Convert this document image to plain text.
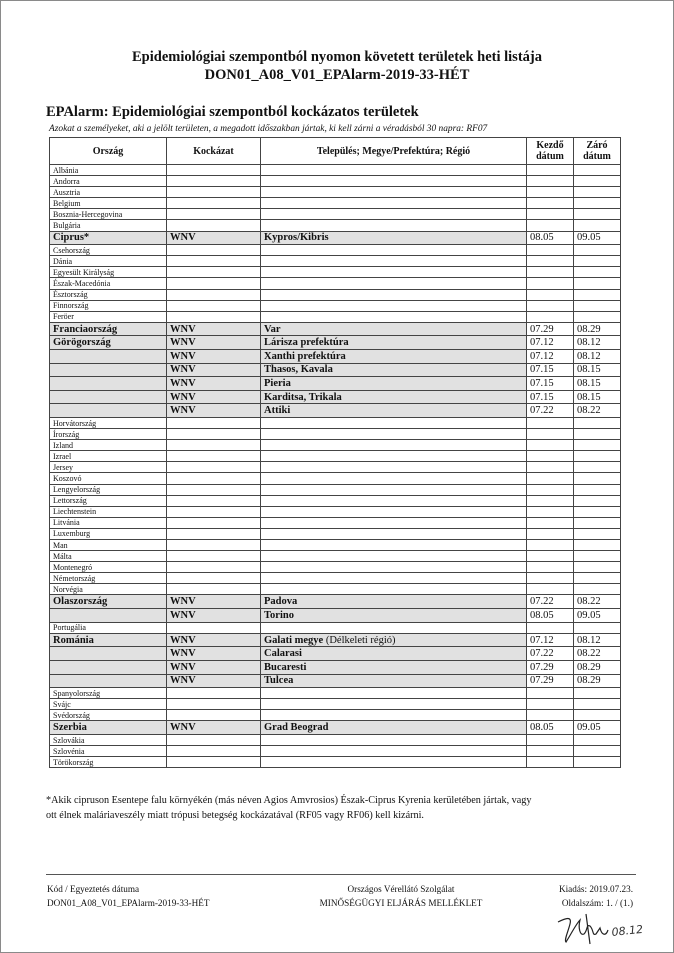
Epidemiológiai szempontból nyomon követett területek heti listája
DON01_A08_V01_EPAlarm-2019-33-HÉT
EPAlarm: Epidemiológiai szempontból kockázatos területek
Azokat a személyeket, aki a jelölt területen, a megadott időszakban jártak, ki kell zárni a véradásból 30 napra: RF07
Ország	Kockázat	Település; Megye/Prefektúra; Régió	Kezdő dátum	Záró dátum
Albánia				
Andorra				
Ausztria				
Belgium				
Bosznia-Hercegovina				
Bulgária				
Ciprus*	WNV	Kypros/Kibris	08.05	09.05
Csehország				
Dánia				
Egyesült Királyság				
Észak-Macedónia				
Észtország				
Finnország				
Feröer				
Franciaország	WNV	Var	07.29	08.29
Görögország	WNV	Lárisza prefektúra	07.12	08.12
	WNV	Xanthi prefektúra	07.12	08.12
	WNV	Thasos, Kavala	07.15	08.15
	WNV	Pieria	07.15	08.15
	WNV	Karditsa, Trikala	07.15	08.15
	WNV	Attiki	07.22	08.22
Horvátország				
Írország				
Izland				
Izrael				
Jersey				
Koszovó				
Lengyelország				
Lettország				
Liechtenstein				
Litvánia				
Luxemburg				
Man				
Málta				
Montenegró				
Németország				
Norvégia				
Olaszország	WNV	Padova	07.22	08.22
	WNV	Torino	08.05	09.05
Portugália				
Románia	WNV	Galati megye (Délkeleti régió)	07.12	08.12
	WNV	Calarasi	07.22	08.22
	WNV	Bucaresti	07.29	08.29
	WNV	Tulcea	07.29	08.29
Spanyolország				
Svájc				
Svédország				
Szerbia	WNV	Grad Beograd	08.05	09.05
Szlovákia				
Szlovénia				
Törökország				
*Akik cipruson Esentepe falu környékén (más néven Agios Amvrosios) Észak-Ciprus Kyrenia kerületében jártak, vagy
ott élnek maláriaveszély miatt trópusi betegség kockázatával (RF05 vagy RF06) kell kizárni.
Kód / Egyeztetés dátuma
DON01_A08_V01_EPAlarm-2019-33-HÉT
Országos Vérellátó Szolgálat
MINŐSÉGÜGYI ELJÁRÁS MELLÉKLET
Kiadás: 2019.07.23.
Oldalszám: 1. / (1.)
08.12
